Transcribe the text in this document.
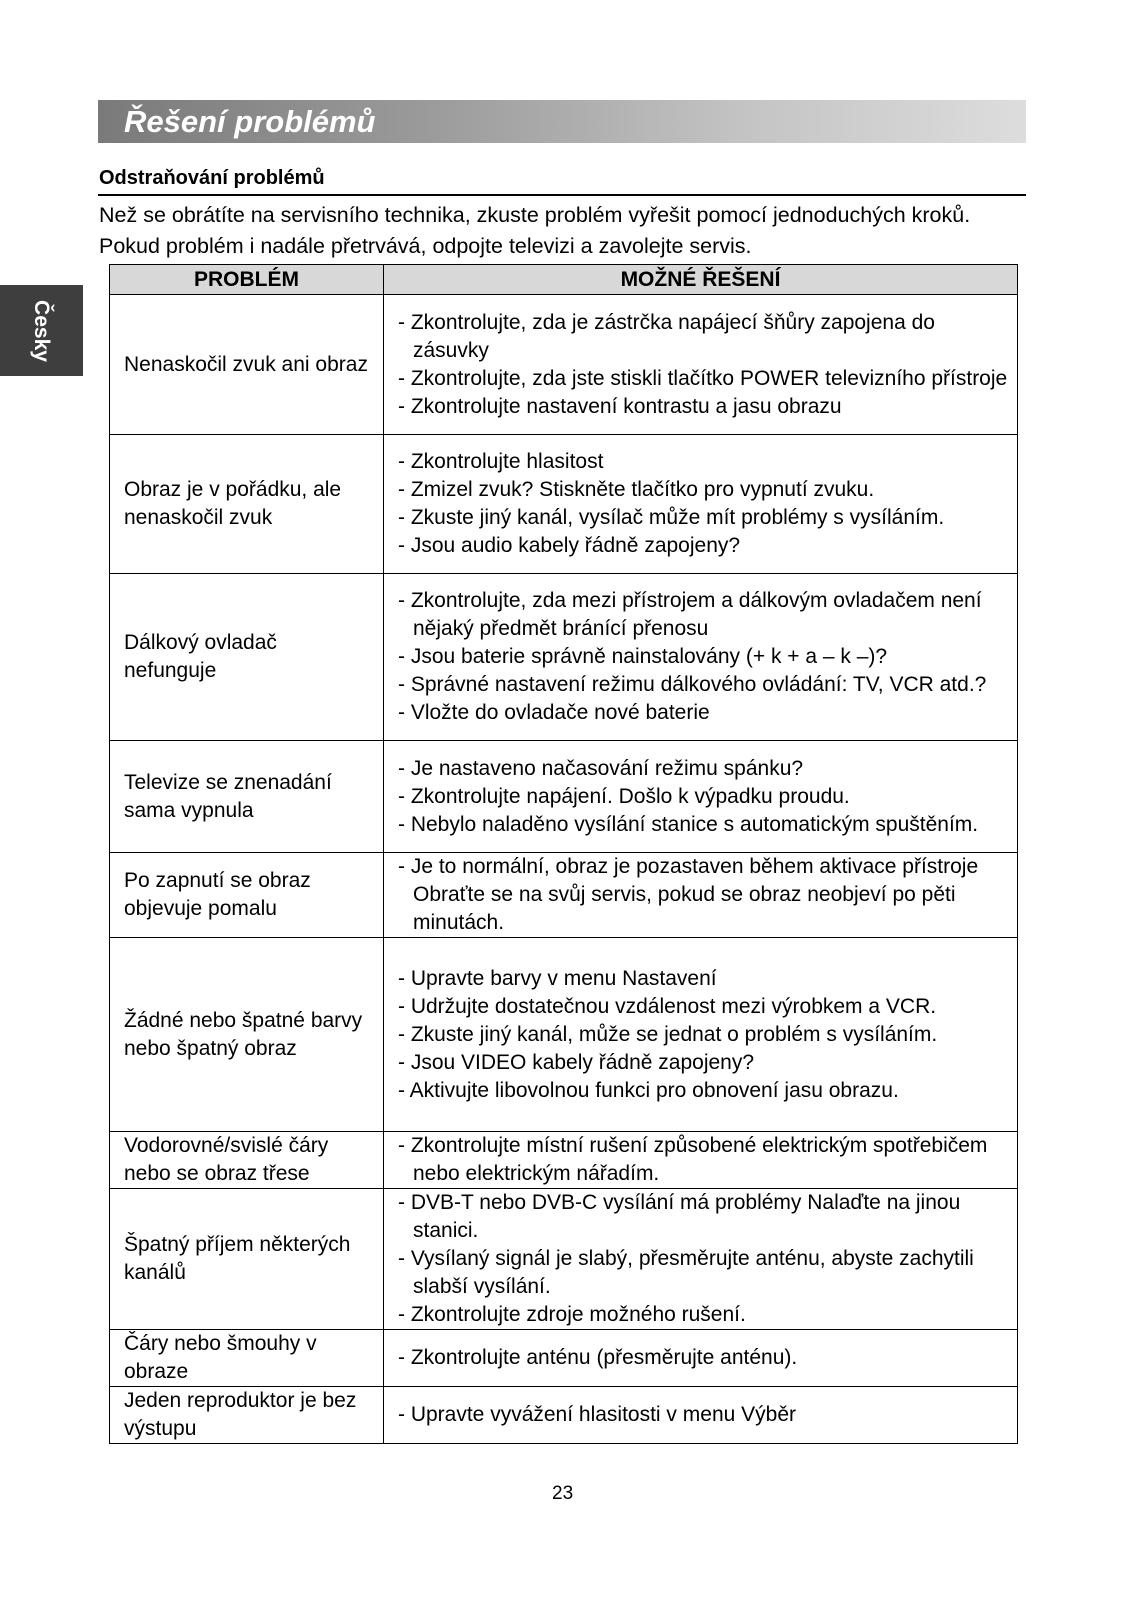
Řešení problémů
Česky
Odstraňování problémů

Než se obrátíte na servisního technika, zkuste problém vyřešit pomocí jednoduchých kroků. Pokud problém i nadále přetrvává, odpojte televizi a zavolejte servis.

PROBLÉM	MOŽNÉ ŘEŠENÍ
Nenaskočil zvuk ani obraz	- Zkontrolujte, zda je zástrčka napájecí šňůry zapojena do zásuvky
- Zkontrolujte, zda jste stiskli tlačítko POWER televizního přístroje
- Zkontrolujte nastavení kontrastu a jasu obrazu

Obraz je v pořádku, ale nenaskočil zvuk	- Zkontrolujte hlasitost
- Zmizel zvuk? Stiskněte tlačítko pro vypnutí zvuku.
- Zkuste jiný kanál, vysílač může mít problémy s vysíláním.
- Jsou audio kabely řádně zapojeny?

Dálkový ovladač nefunguje	- Zkontrolujte, zda mezi přístrojem a dálkovým ovladačem není nějaký předmět bránící přenosu
- Jsou baterie správně nainstalovány (+ k + a – k –)?
- Správné nastavení režimu dálkového ovládání: TV, VCR atd.?
- Vložte do ovladače nové baterie

Televize se znenadání sama vypnula	- Je nastaveno načasování režimu spánku?
- Zkontrolujte napájení. Došlo k výpadku proudu.
- Nebylo naladěno vysílání stanice s automatickým spuštěním.

Po zapnutí se obraz objevuje pomalu	- Je to normální, obraz je pozastaven během aktivace přístroje Obraťte se na svůj servis, pokud se obraz neobjeví po pěti minutách.

Žádné nebo špatné barvy nebo špatný obraz	- Upravte barvy v menu Nastavení
- Udržujte dostatečnou vzdálenost mezi výrobkem a VCR.
- Zkuste jiný kanál, může se jednat o problém s vysíláním.
- Jsou VIDEO kabely řádně zapojeny?
- Aktivujte libovolnou funkci pro obnovení jasu obrazu.

Vodorovné/svislé čáry nebo se obraz třese	- Zkontrolujte místní rušení způsobené elektrickým spotřebičem nebo elektrickým nářadím.

Špatný příjem některých kanálů	- DVB-T nebo DVB-C vysílání má problémy Nalaďte na jinou stanici.
- Vysílaný signál je slabý, přesměrujte anténu, abyste zachytili slabší vysílání.
- Zkontrolujte zdroje možného rušení.

Čáry nebo šmouhy v obraze	- Zkontrolujte anténu (přesměrujte anténu).

Jeden reproduktor je bez výstupu	- Upravte vyvážení hlasitosti v menu Výběr
23
